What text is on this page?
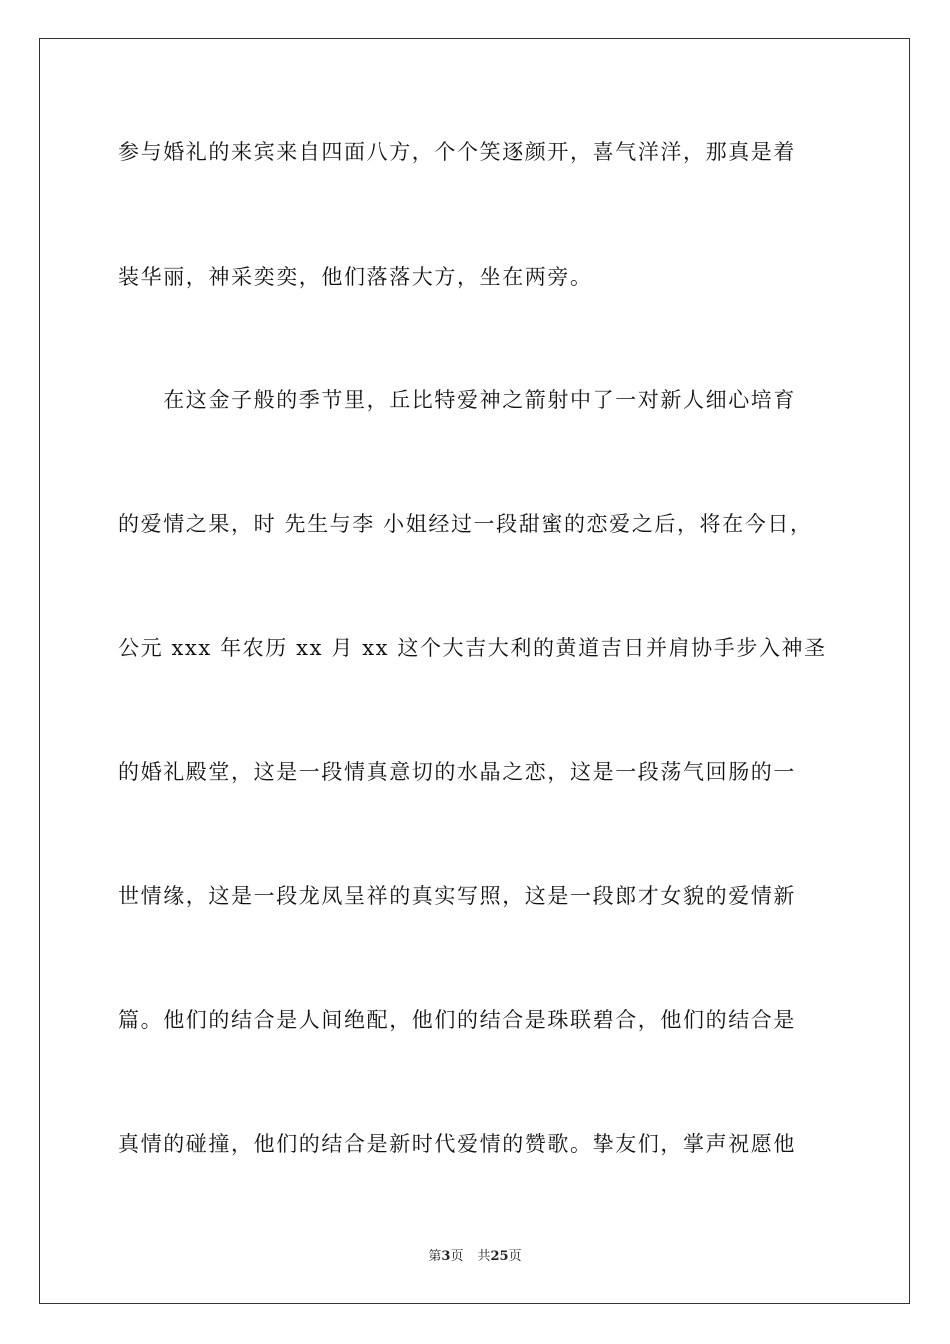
参与婚礼的来宾来自四面八方，个个笑逐颜开，喜气洋洋，那真是着
装华丽，神采奕奕，他们落落大方，坐在两旁。
　　在这金子般的季节里，丘比特爱神之箭射中了一对新人细心培育
的爱情之果，时 先生与李 小姐经过一段甜蜜的恋爱之后，将在今日，
公元 xxx 年农历 xx 月 xx 这个大吉大利的黄道吉日并肩协手步入神圣
的婚礼殿堂，这是一段情真意切的水晶之恋，这是一段荡气回肠的一
世情缘，这是一段龙凤呈祥的真实写照，这是一段郎才女貌的爱情新
篇。他们的结合是人间绝配，他们的结合是珠联碧合，他们的结合是
真情的碰撞，他们的结合是新时代爱情的赞歌。挚友们，掌声祝愿他
第3页 共25页
